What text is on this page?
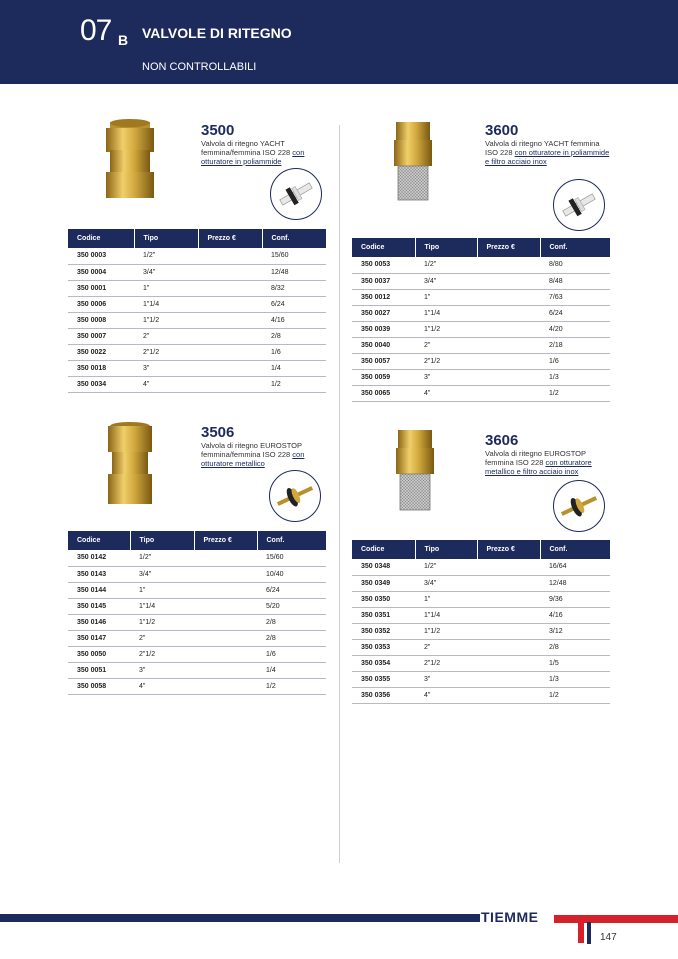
07 B VALVOLE DI RITEGNO
NON CONTROLLABILI
3500
Valvola di ritegno YACHT femmina/femmina ISO 228 con otturatore in poliammide
Codice	Tipo	Prezzo €	Conf.
350 0003	1/2"		15/60
350 0004	3/4"		12/48
350 0001	1"		8/32
350 0006	1"1/4		6/24
350 0008	1"1/2		4/16
350 0007	2"		2/8
350 0022	2"1/2		1/6
350 0018	3"		1/4
350 0034	4"		1/2
3600
Valvola di ritegno YACHT femmina ISO 228 con otturatore in poliammide e filtro acciaio inox
Codice	Tipo	Prezzo €	Conf.
350 0053	1/2"		8/80
350 0037	3/4"		8/48
350 0012	1"		7/63
350 0027	1"1/4		6/24
350 0039	1"1/2		4/20
350 0040	2"		2/18
350 0057	2"1/2		1/6
350 0059	3"		1/3
350 0065	4"		1/2
3506
Valvola di ritegno EUROSTOP femmina/femmina ISO 228 con otturatore metallico
Codice	Tipo	Prezzo €	Conf.
350 0142	1/2"		15/60
350 0143	3/4"		10/40
350 0144	1"		6/24
350 0145	1"1/4		5/20
350 0146	1"1/2		2/8
350 0147	2"		2/8
350 0050	2"1/2		1/6
350 0051	3"		1/4
350 0058	4"		1/2
3606
Valvola di ritegno EUROSTOP femmina ISO 228 con otturatore metallico e filtro acciaio inox
Codice	Tipo	Prezzo €	Conf.
350 0348	1/2"		16/64
350 0349	3/4"		12/48
350 0350	1"		9/36
350 0351	1"1/4		4/16
350 0352	1"1/2		3/12
350 0353	2"		2/8
350 0354	2"1/2		1/5
350 0355	3"		1/3
350 0356	4"		1/2
TIEMME
147
